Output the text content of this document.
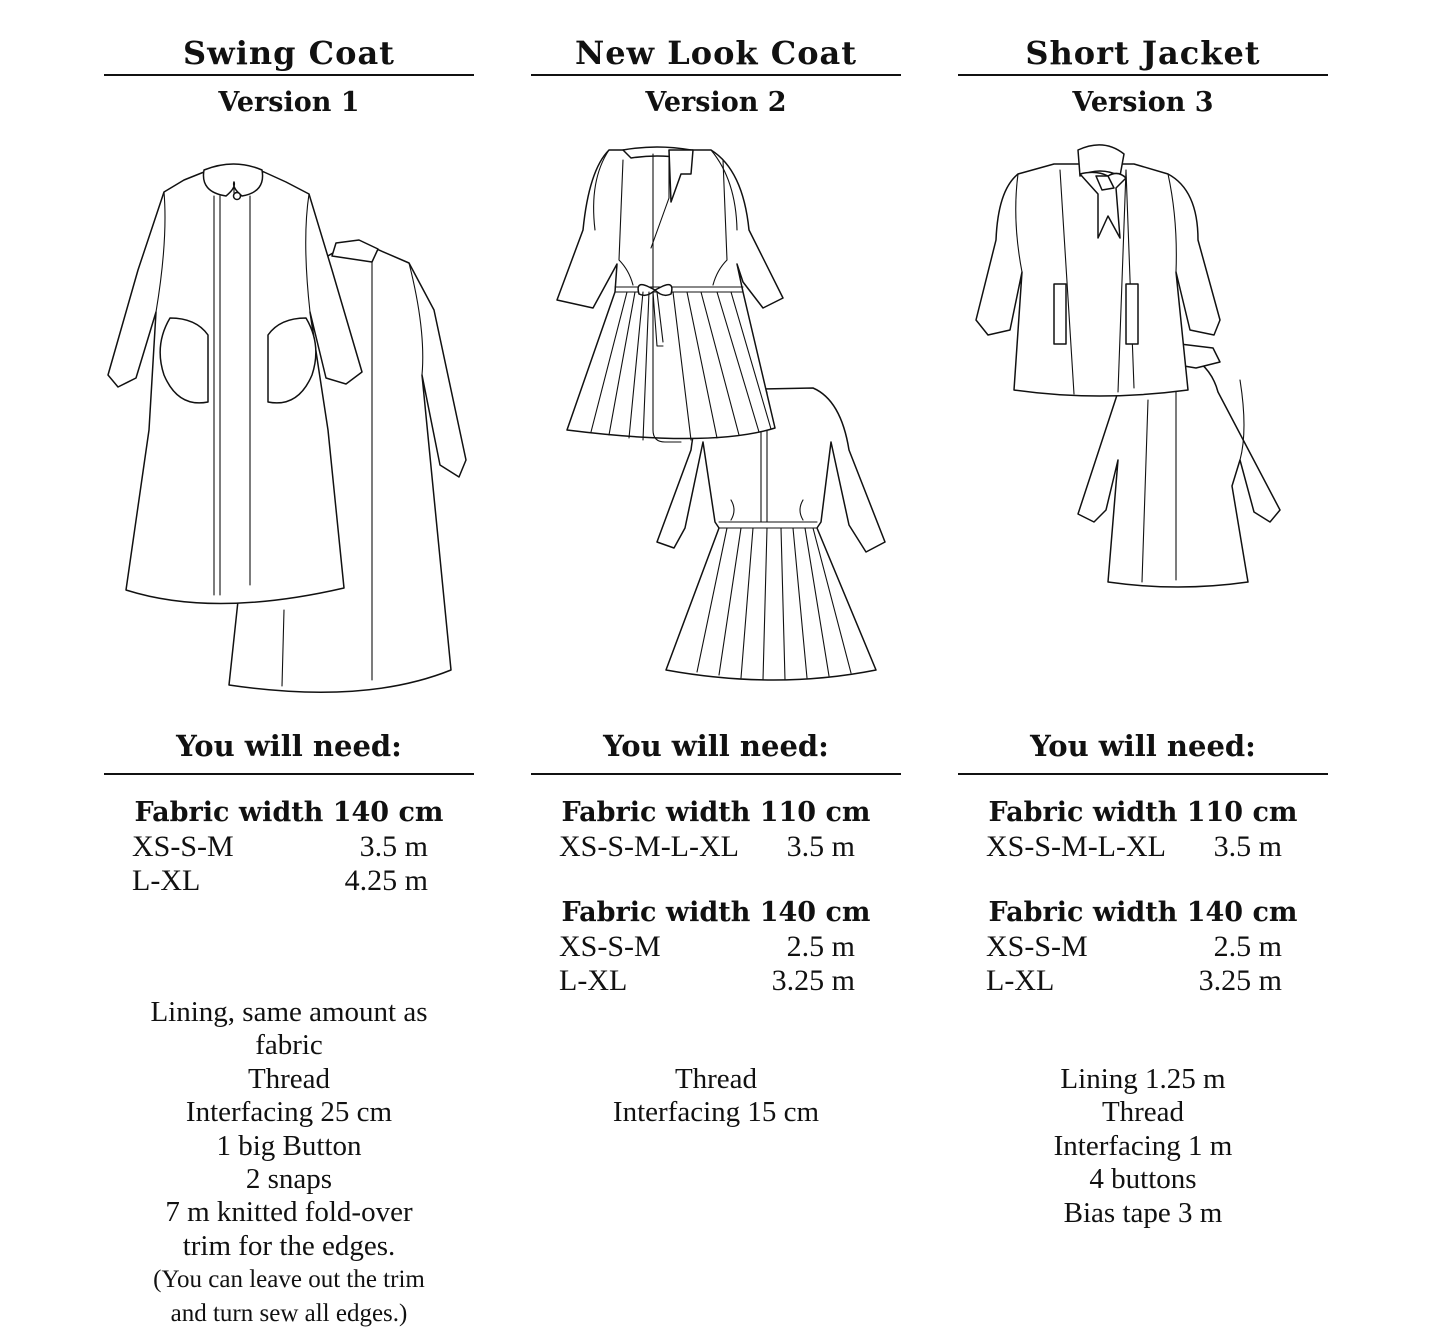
Swing Coat
Version 1
You will need:
Fabric width 140 cm
XS-S-M	3.5 m
L-XL	4.25 m
Lining, same amount as
fabric
Thread
Interfacing 25 cm
1 big Button
2 snaps
7 m knitted fold-over
trim for the edges.
(You can leave out the trim
and turn sew all edges.)
New Look Coat
Version 2
You will need:
Fabric width 110 cm
XS-S-M-L-XL 3.5 m
Fabric width 140 cm
XS-S-M	2.5 m
L-XL	3.25 m
Thread
Interfacing 15 cm
Short Jacket
Version 3
You will need:
Fabric width 110 cm
XS-S-M-L-XL 3.5 m
Fabric width 140 cm
XS-S-M	2.5 m
L-XL	3.25 m
Lining 1.25 m
Thread
Interfacing 1 m
4 buttons
Bias tape 3 m
